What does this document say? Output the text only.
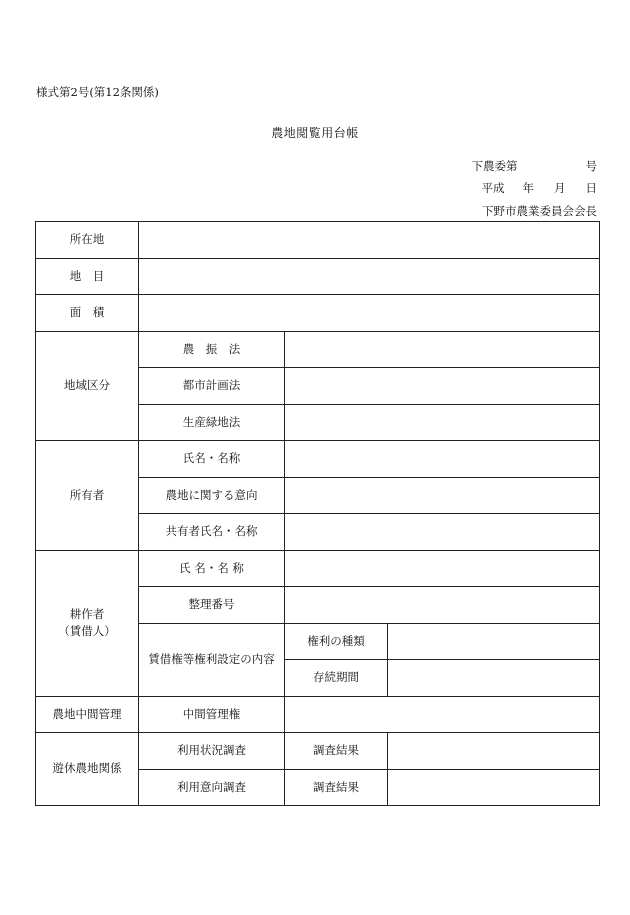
様式第2号(第12条関係)
農地閲覧用台帳
下農委第	号
平成 年 月 日
下野市農業委員会会長
所在地			
地　目			
面　積			
地域区分	農　振　法		
	都市計画法		
	生産緑地法		
所有者	氏名・名称		
	農地に関する意向		
	共有者氏名・名称		

耕作者
（賃借人）	氏 名・名 称		
	整理番号		
	賃借権等権利設定の内容	権利の種類	
		存続期間	
農地中間管理	中間管理権		
遊休農地関係	利用状況調査	調査結果	
	利用意向調査	調査結果	
